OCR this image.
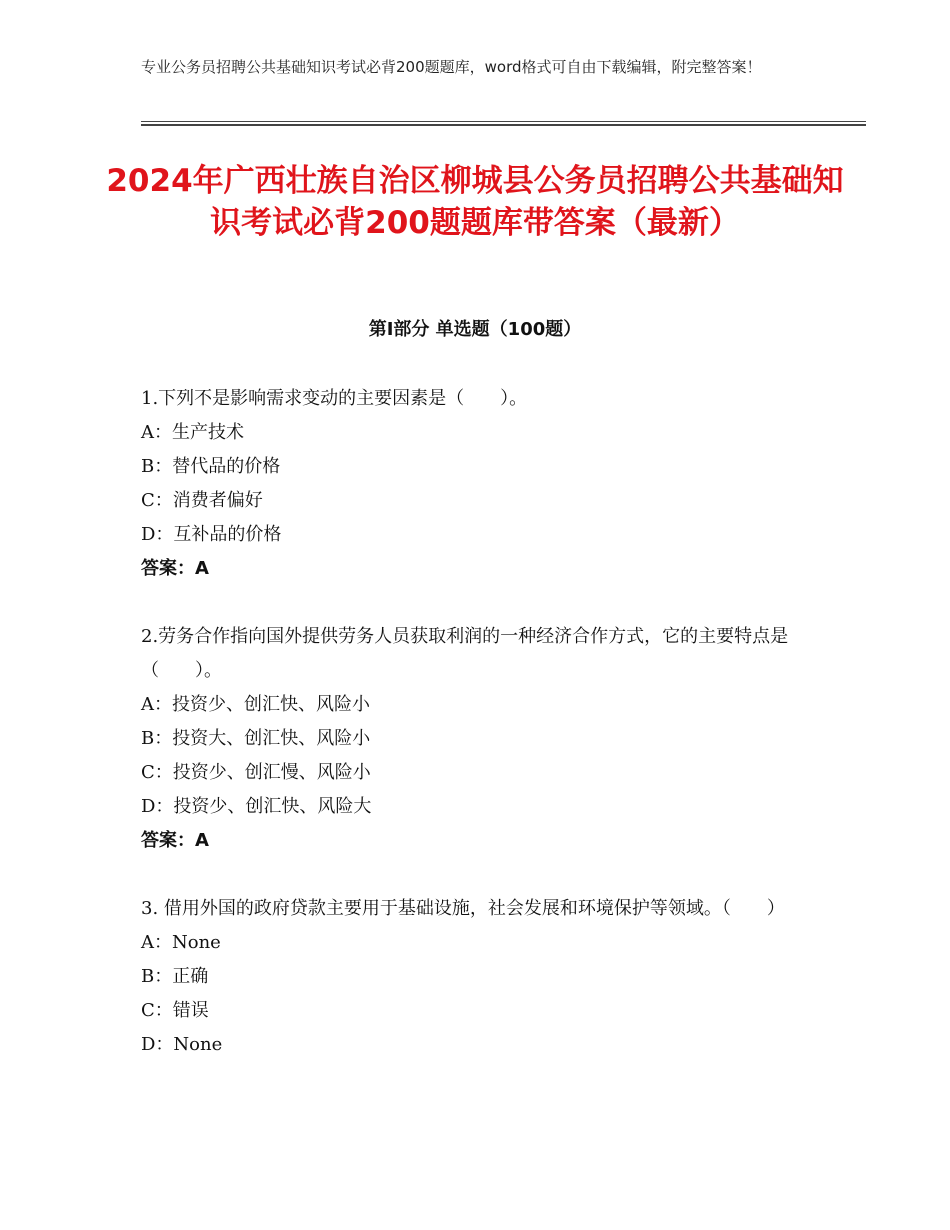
专业公务员招聘公共基础知识考试必背200题题库，word格式可自由下载编辑，附完整答案！
2024年广西壮族自治区柳城县公务员招聘公共基础知识考试必背200题题库带答案（最新）
第Ⅰ部分 单选题（100题）
1.下列不是影响需求变动的主要因素是（　　）。
A：生产技术
B：替代品的价格
C：消费者偏好
D：互补品的价格
答案：A
2.劳务合作指向国外提供劳务人员获取利润的一种经济合作方式，它的主要特点是（　　）。
A：投资少、创汇快、风险小
B：投资大、创汇快、风险小
C：投资少、创汇慢、风险小
D：投资少、创汇快、风险大
答案：A
3. 借用外国的政府贷款主要用于基础设施，社会发展和环境保护等领域。（　　）
A：None
B：正确
C：错误
D：None
